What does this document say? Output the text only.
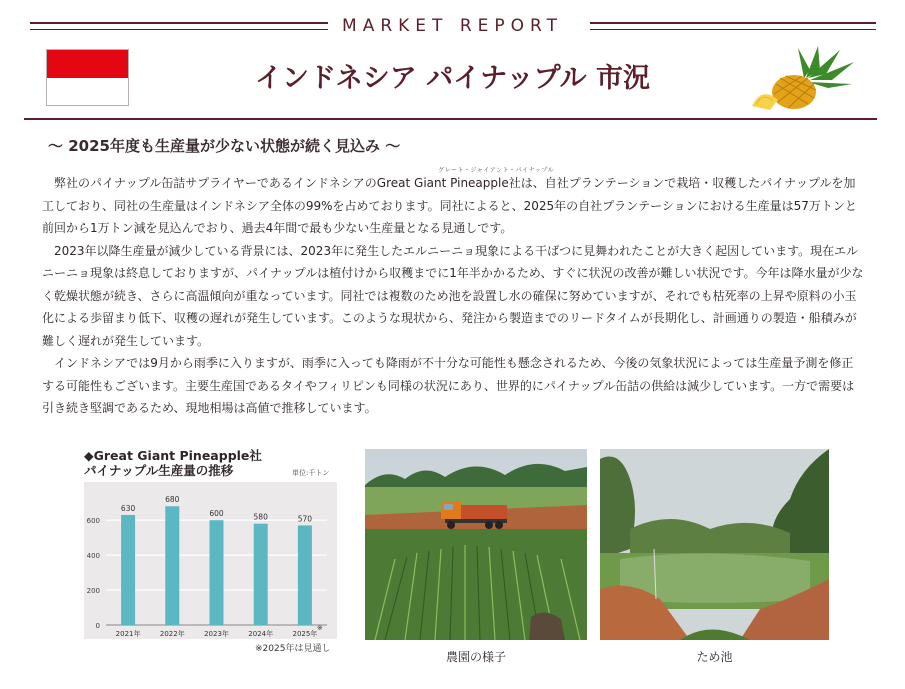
MARKET REPORT
インドネシア パイナップル 市況
～ 2025年度も生産量が少ない状態が続く見込み ～
グレート・ジャイアント・パイナップル

弊社のパイナップル缶詰サプライヤーであるインドネシアのGreat Giant Pineapple社は、自社プランテーションで栽培・収穫したパイナップルを加工しており、同社の生産量はインドネシア全体の99%を占めております。同社によると、2025年の自社プランテーションにおける生産量は57万トンと前回から1万トン減を見込んでおり、過去4年間で最も少ない生産量となる見通しです。

2023年以降生産量が減少している背景には、2023年に発生したエルニーニョ現象による干ばつに見舞われたことが大きく起因しています。現在エルニーニョ現象は終息しておりますが、パイナップルは植付けから収穫までに1年半かかるため、すぐに状況の改善が難しい状況です。今年は降水量が少なく乾燥状態が続き、さらに高温傾向が重なっています。同社では複数のため池を設置し水の確保に努めていますが、それでも枯死率の上昇や原料の小玉化による歩留まり低下、収穫の遅れが発生しています。このような現状から、発注から製造までのリードタイムが長期化し、計画通りの製造・船積みが難しく遅れが発生しています。

インドネシアでは9月から雨季に入りますが、雨季に入っても降雨が不十分な可能性も懸念されるため、今後の気象状況によっては生産量予測を修正する可能性もございます。主要生産国であるタイやフィリピンも同様の状況にあり、世界的にパイナップル缶詰の供給は減少しています。一方で需要は引き続き堅調であるため、現地相場は高値で推移しています。

◆Great Giant Pineapple社
パイナップル生産量の推移	単位:千トン
0
200
400
600
630
2021年
680
2022年
600
2023年
580
2024年
570
2025年
※
※2025年は見通し
農園の様子	ため池
